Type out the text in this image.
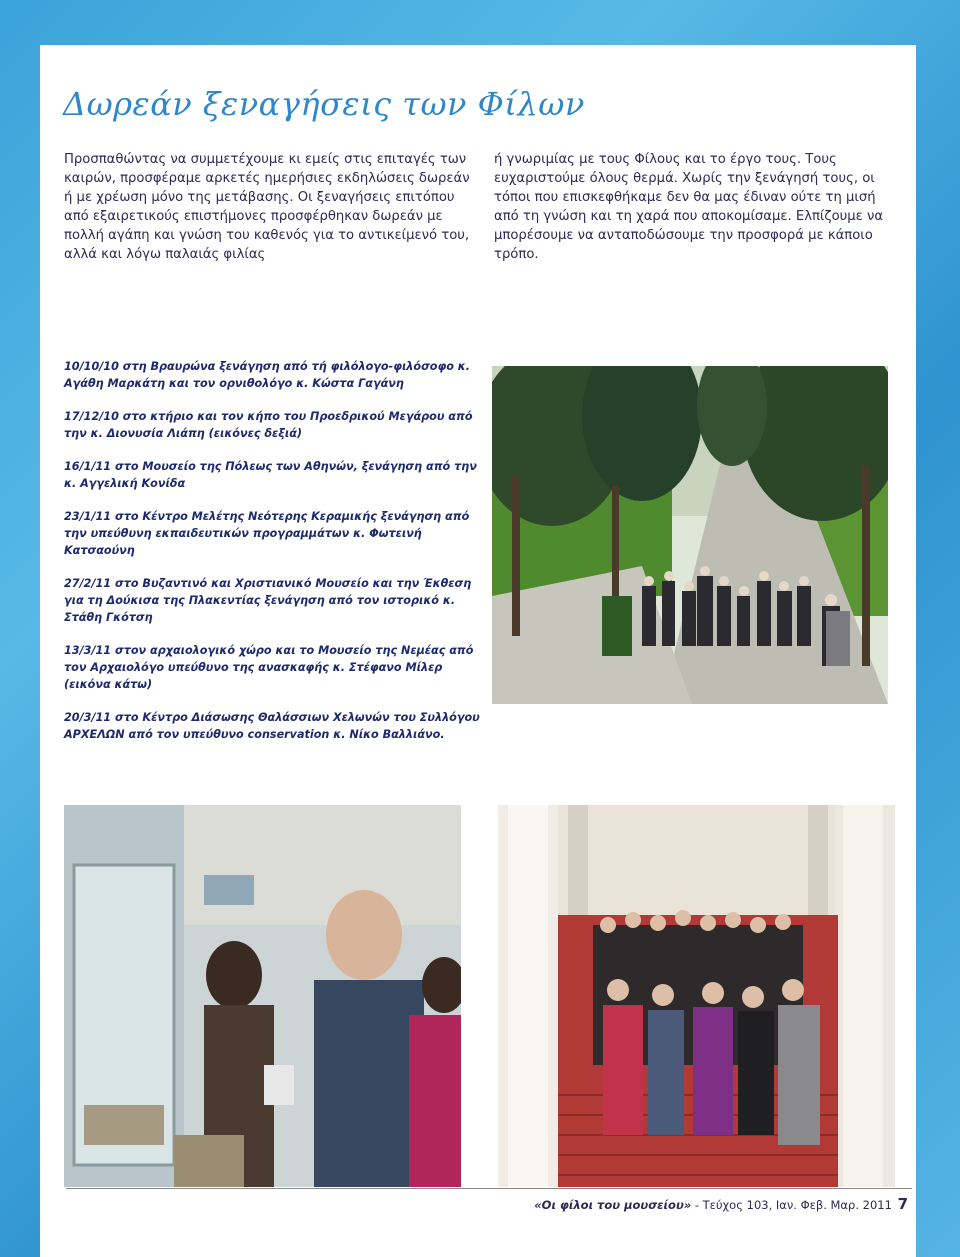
Δωρεάν ξεναγήσεις των Φίλων
Προσπαθώντας να συμμετέχουμε κι εμείς στις επιταγές των καιρών, προσφέραμε αρκετές ημερήσιες εκδηλώσεις δωρεάν ή με χρέωση μόνο της μετάβασης. Οι ξεναγήσεις επιτόπου από εξαιρετικούς επιστήμονες προσφέρθηκαν δωρεάν με πολλή αγάπη και γνώση του καθενός για το αντικείμενό του, αλλά και λόγω παλαιάς φιλίας
ή γνωριμίας με τους Φίλους και το έργο τους. Τους ευχαριστούμε όλους θερμά. Χωρίς την ξενάγησή τους, οι τόποι που επισκεφθήκαμε δεν θα μας έδιναν ούτε τη μισή από τη γνώση και τη χαρά που αποκομίσαμε. Ελπίζουμε να μπορέσουμε να ανταποδώσουμε την προσφορά με κάποιο τρόπο.
10/10/10 στη Βραυρώνα ξενάγηση από τή φιλόλογο-φιλόσοφο κ. Αγάθη Μαρκάτη και τον ορνιθολόγο κ. Κώστα Γαγάνη
17/12/10 στο κτήριο και τον κήπο του Προεδρικού Μεγάρου από την κ. Διονυσία Λιάπη (εικόνες δεξιά)
16/1/11 στο Μουσείο της Πόλεως των Αθηνών, ξενάγηση από την κ. Αγγελική Κονίδα
23/1/11 στο Κέντρο Μελέτης Νεότερης Κεραμικής ξενάγηση από την υπεύθυνη εκπαιδευτικών προγραμμάτων κ. Φωτεινή Κατσαούνη
27/2/11 στο Βυζαντινό και Χριστιανικό Μουσείο και την Έκθεση για τη Δούκισα της Πλακεντίας ξενάγηση από τον ιστορικό κ. Στάθη Γκότση
13/3/11 στον αρχαιολογικό χώρο και το Μουσείο της Νεμέας από τον Αρχαιολόγο υπεύθυνο της ανασκαφής κ. Στέφανο Μίλερ (εικόνα κάτω)
20/3/11 στο Κέντρο Διάσωσης Θαλάσσιων Χελωνών του Συλλόγου ΑΡΧΕΛΩΝ από τον υπεύθυνο conservation κ. Νίκο Βαλλιάνο.
«Οι φίλοι του μουσείου» - Τεύχος 103, Ιαν. Φεβ. Μαρ. 2011 7
